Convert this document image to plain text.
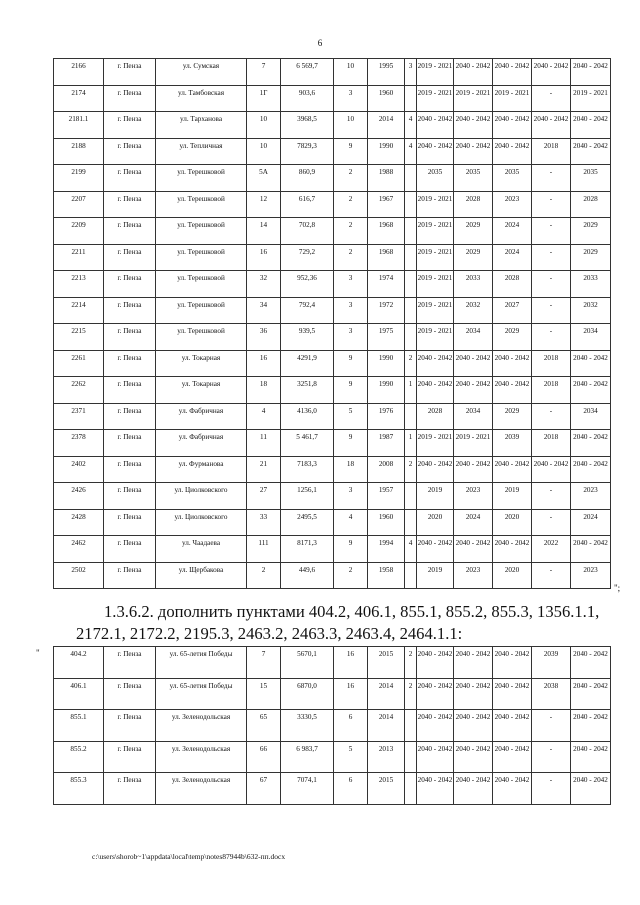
6
2166	г. Пенза	ул. Сумская	7	6 569,7	10	1995	3	2019 - 2021	2040 - 2042	2040 - 2042	2040 - 2042	2040 - 2042

2174	г. Пенза	ул. Тамбовская	1Г	903,6	3	1960		2019 - 2021	2019 - 2021	2019 - 2021	-	2019 - 2021

2181.1	г. Пенза	ул. Тарханова	10	3968,5	10	2014	4	2040 - 2042	2040 - 2042	2040 - 2042	2040 - 2042	2040 - 2042

2188	г. Пенза	ул. Тепличная	10	7829,3	9	1990	4	2040 - 2042	2040 - 2042	2040 - 2042	2018	2040 - 2042

2199	г. Пенза	ул. Терешковой	5А	860,9	2	1988		2035	2035	2035	-	2035

2207	г. Пенза	ул. Терешковой	12	616,7	2	1967		2019 - 2021	2028	2023	-	2028

2209	г. Пенза	ул. Терешковой	14	702,8	2	1968		2019 - 2021	2029	2024	-	2029

2211	г. Пенза	ул. Терешковой	16	729,2	2	1968		2019 - 2021	2029	2024	-	2029

2213	г. Пенза	ул. Терешковой	32	952,36	3	1974		2019 - 2021	2033	2028	-	2033

2214	г. Пенза	ул. Терешковой	34	792,4	3	1972		2019 - 2021	2032	2027	-	2032

2215	г. Пенза	ул. Терешковой	36	939,5	3	1975		2019 - 2021	2034	2029	-	2034

2261	г. Пенза	ул. Токарная	16	4291,9	9	1990	2	2040 - 2042	2040 - 2042	2040 - 2042	2018	2040 - 2042

2262	г. Пенза	ул. Токарная	18	3251,8	9	1990	1	2040 - 2042	2040 - 2042	2040 - 2042	2018	2040 - 2042

2371	г. Пенза	ул. Фабричная	4	4136,0	5	1976		2028	2034	2029	-	2034

2378	г. Пенза	ул. Фабричная	11	5 461,7	9	1987	1	2019 - 2021	2019 - 2021	2039	2018	2040 - 2042

2402	г. Пенза	ул. Фурманова	21	7183,3	18	2008	2	2040 - 2042	2040 - 2042	2040 - 2042	2040 - 2042	2040 - 2042

2426	г. Пенза	ул. Циолковского	27	1256,1	3	1957		2019	2023	2019	-	2023

2428	г. Пенза	ул. Циолковского	33	2495,5	4	1960		2020	2024	2020	-	2024

2462	г. Пенза	ул. Чаадаева	111	8171,3	9	1994	4	2040 - 2042	2040 - 2042	2040 - 2042	2022	2040 - 2042

2502	г. Пенза	ул. Щербакова	2	449,6	2	1958		2019	2023	2020	-	2023
";
1.3.6.2. дополнить пунктами 404.2, 406.1, 855.1, 855.2, 855.3, 1356.1.1,
2172.1, 2172.2, 2195.3, 2463.2, 2463.3, 2463.4, 2464.1.1:
"	404.2	г. Пенза	ул. 65-летия Победы	7	5670,1	16	2015	2	2040 - 2042	2040 - 2042	2040 - 2042	2039	2040 - 2042

406.1	г. Пенза	ул. 65-летия Победы	15	6870,0	16	2014	2	2040 - 2042	2040 - 2042	2040 - 2042	2038	2040 - 2042

855.1	г. Пенза	ул. Зеленодольская	65	3330,5	6	2014		2040 - 2042	2040 - 2042	2040 - 2042	-	2040 - 2042

855.2	г. Пенза	ул. Зеленодольская	66	6 983,7	5	2013		2040 - 2042	2040 - 2042	2040 - 2042	-	2040 - 2042

855.3	г. Пенза	ул. Зеленодольская	67	7074,1	6	2015		2040 - 2042	2040 - 2042	2040 - 2042	-	2040 - 2042
c:\users\shorob~1\appdata\local\temp\notes87944b\632-пп.docx
